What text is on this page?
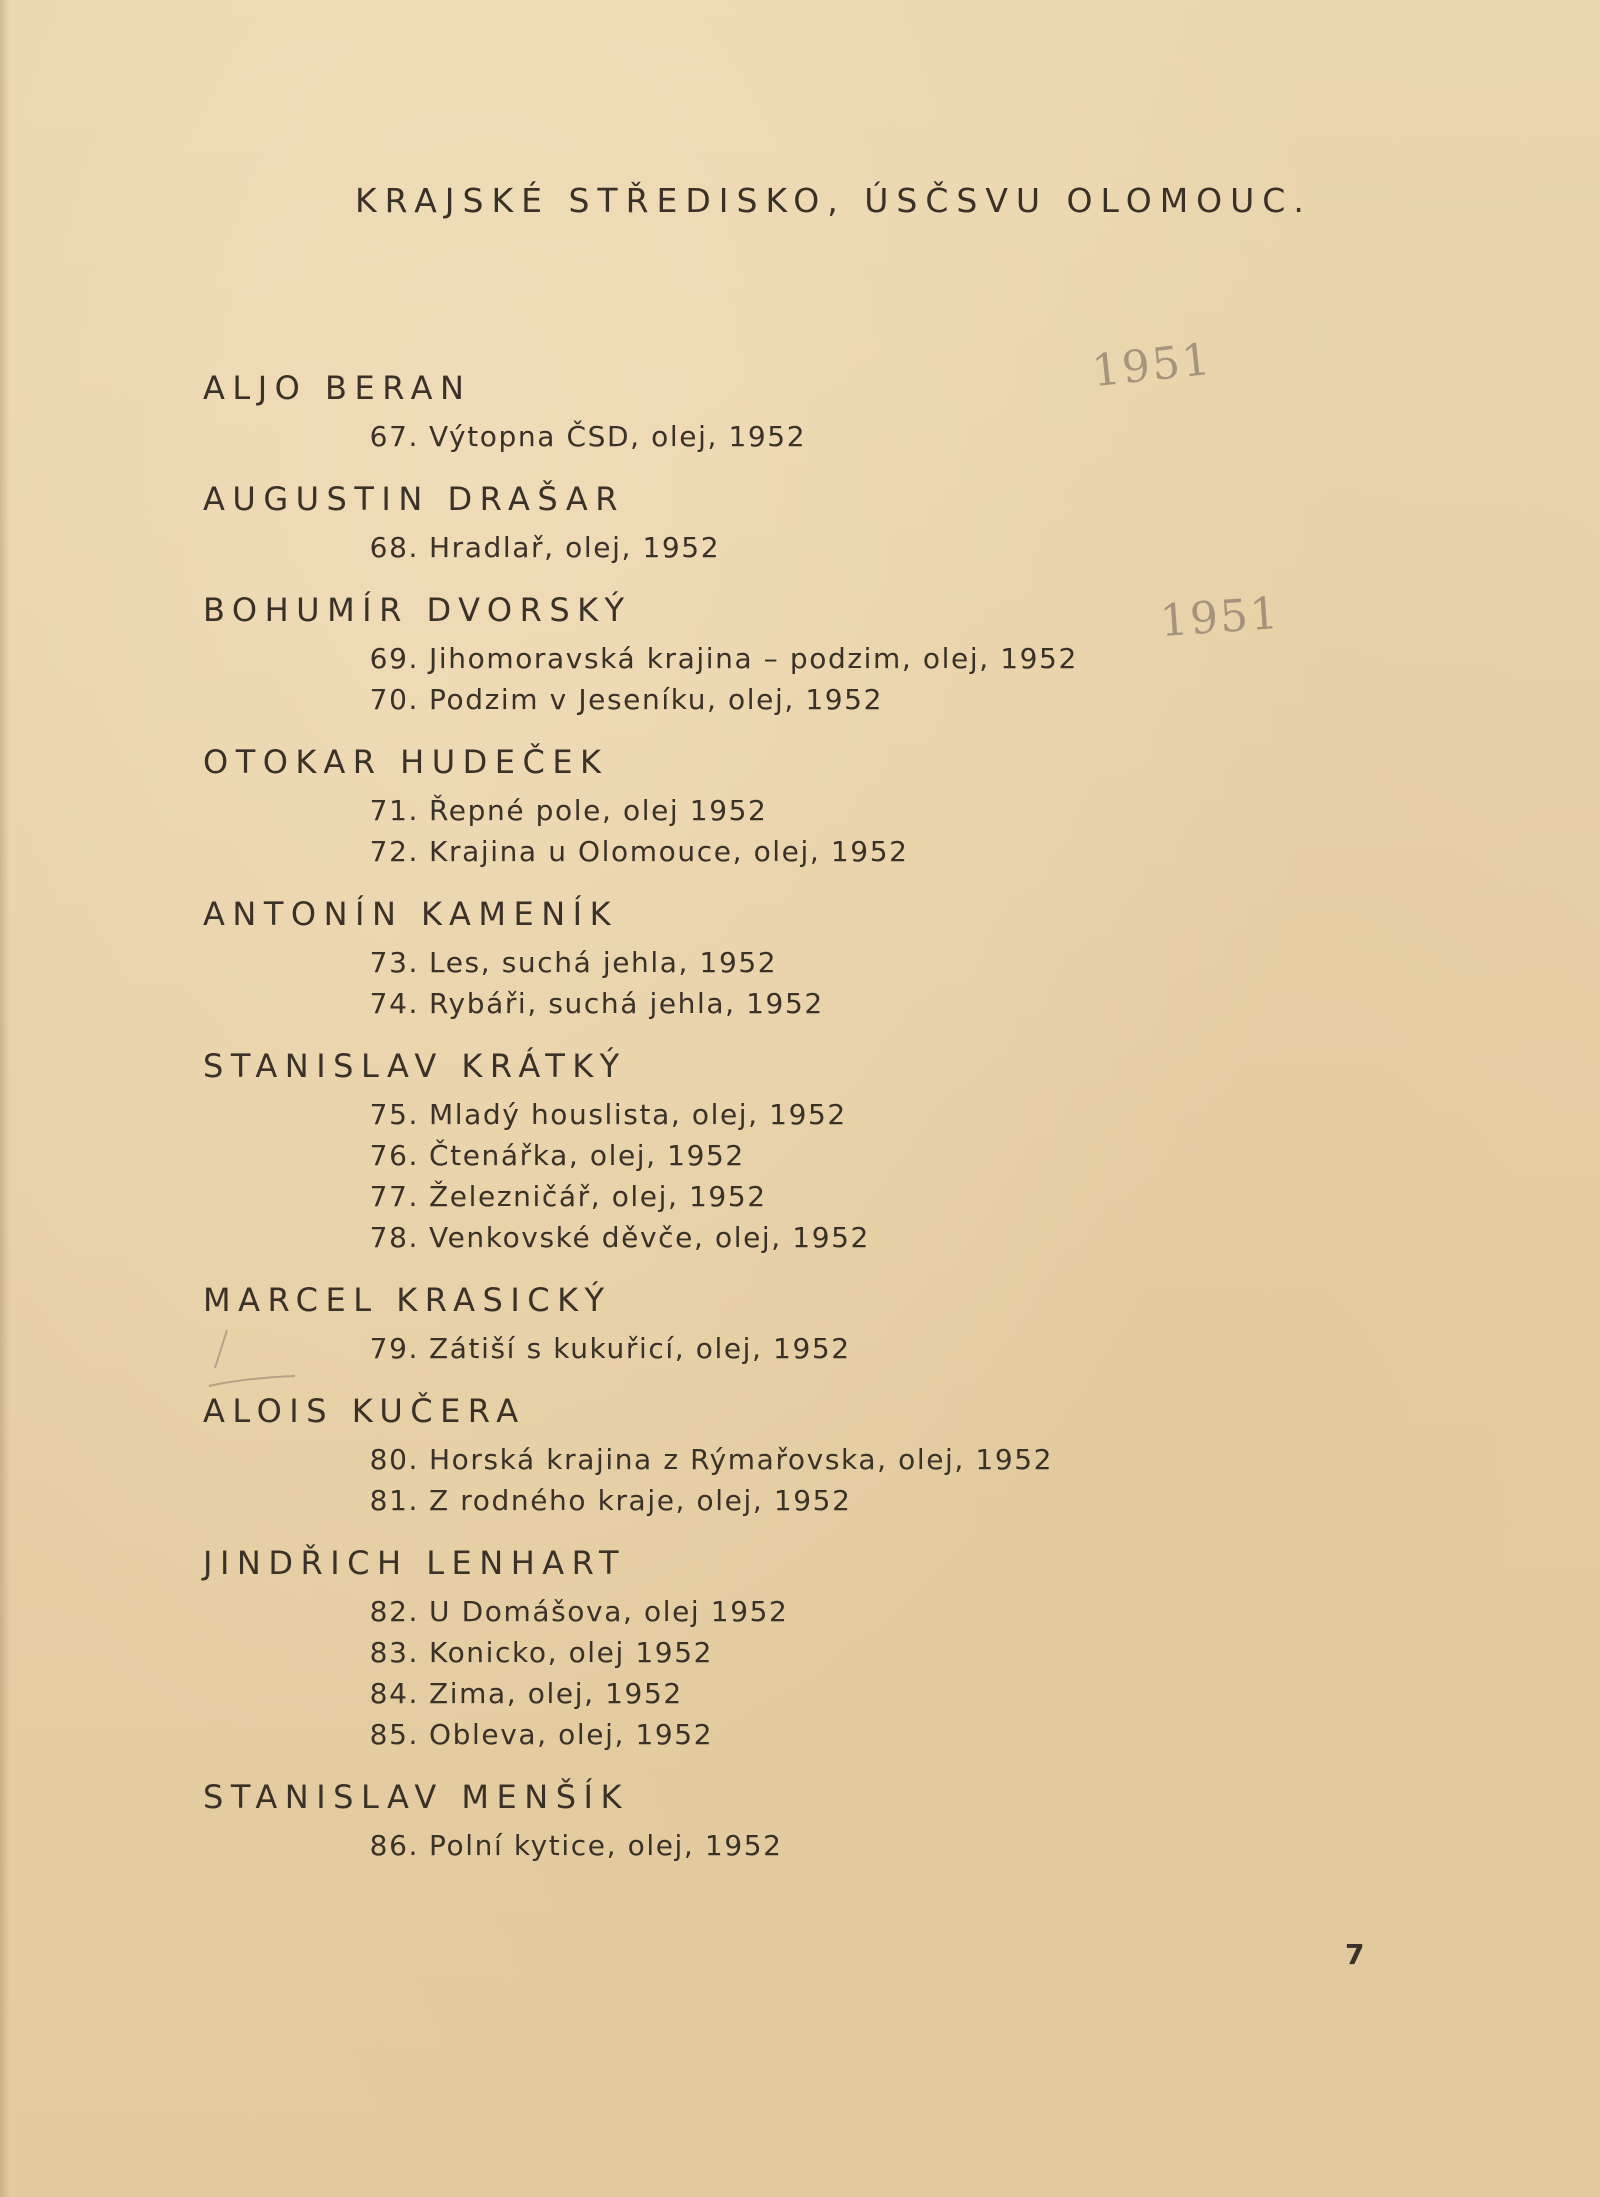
KRAJSKÉ STŘEDISKO, ÚSČSVU OLOMOUC.
1951
1951
ALJO BERAN
67. Výtopna ČSD, olej, 1952
AUGUSTIN DRAŠAR
68. Hradlař, olej, 1952
BOHUMÍR DVORSKÝ
69. Jihomoravská krajina – podzim, olej, 1952
70. Podzim v Jeseníku, olej, 1952
OTOKAR HUDEČEK
71. Řepné pole, olej 1952
72. Krajina u Olomouce, olej, 1952
ANTONÍN KAMENÍK
73. Les, suchá jehla, 1952
74. Rybáři, suchá jehla, 1952
STANISLAV KRÁTKÝ
75. Mladý houslista, olej, 1952
76. Čtenářka, olej, 1952
77. Železničář, olej, 1952
78. Venkovské děvče, olej, 1952
MARCEL KRASICKÝ
79. Zátiší s kukuřicí, olej, 1952
ALOIS KUČERA
80. Horská krajina z Rýmařovska, olej, 1952
81. Z rodného kraje, olej, 1952
JINDŘICH LENHART
82. U Domášova, olej 1952
83. Konicko, olej 1952
84. Zima, olej, 1952
85. Obleva, olej, 1952
STANISLAV MENŠÍK
86. Polní kytice, olej, 1952
7
